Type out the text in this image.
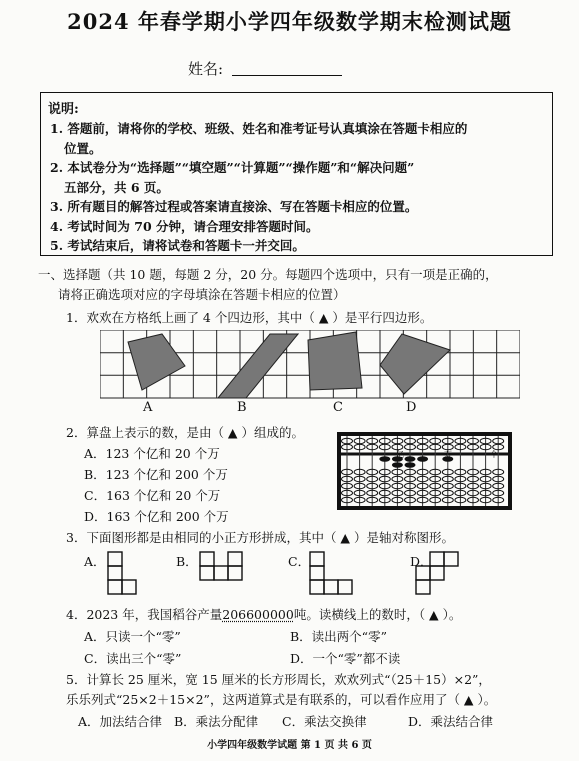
2024 年春学期小学四年级数学期末检测试题
姓名:
说明:
1. 答题前，请将你的学校、班级、姓名和准考证号认真填涂在答题卡相应的
位置。
2. 本试卷分为“选择题”“填空题”“计算题”“操作题”和“解决问题”
五部分，共 6 页。
3. 所有题目的解答过程或答案请直接涂、写在答题卡相应的位置。
4. 考试时间为 70 分钟，请合理安排答题时间。
5. 考试结束后，请将试卷和答题卡一并交回。
一、选择题（共 10 题，每题 2 分，20 分。每题四个选项中，只有一项是正确的，
请将正确选项对应的字母填涂在答题卡相应的位置）
1．欢欢在方格纸上画了 4 个四边形，其中（ ▲ ）是平行四边形。
A	B	C	D
2．算盘上表示的数，是由（ ▲ ）组成的。
A．123 个亿和 20 个万
B．123 个亿和 200 个万
C．163 个亿和 20 个万
D．163 个亿和 200 个万
亿	万	个
3．下面图形都是由相同的小正方形拼成，其中（ ▲ ）是轴对称图形。
A．	B．	C．	D．
4．2023 年，我国稻谷产量206600000吨。读横线上的数时，（ ▲ ）。
A．只读一个“零”	B．读出两个“零”
C．读出三个“零”	D．一个“零”都不读
5．计算长 25 厘米，宽 15 厘米的长方形周长，欢欢列式“（25＋15）×2”，
乐乐列式“25×2＋15×2”，这两道算式是有联系的，可以看作应用了（ ▲ ）。
A．加法结合律 B．乘法分配律 C．乘法交换律	D．乘法结合律
小学四年级数学试题 第 1 页 共 6 页
